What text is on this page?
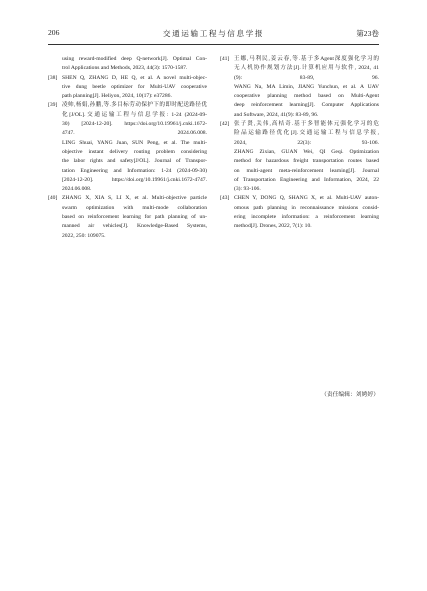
206	交通运输工程与信息学报	第23卷
using reward-modified deep Q-network[J]. Optimal Con-
trol Applications and Methods, 2023, 44(3): 1570-1587.
[38] SHEN Q, ZHANG D, HE Q, et al. A novel multi-objec-
tive dung beetle optimizer for Multi-UAV cooperative
path planning[J]. Heliyon, 2024, 10(17): e37286.
[39] 凌帅,杨娟,孙鹏,等.多目标劳动保护下的即时配送路径优
化[J/OL].交通运输工程与信息学报: 1-24 (2024-09-
30) [2024-12-20]. https://doi.org/10.19961/j.cnki.1672-
4747. 2024.06.008.
LING Shuai, YANG Juan, SUN Peng, et al. The multi-
objective instant delivery routing problem considering
the labor rights and safety[J/OL]. Journal of Transpor-
tation Engineering and Information: 1-24 (2024-09-30)
[2024-12-20]. https://doi.org/10.19961/j.cnki.1672-4747.
2024.06.008.
[40] ZHANG X, XIA S, LI X, et al. Multi-objective particle
swarm optimization with multi-mode collaboration
based on reinforcement learning for path planning of un-
manned air vehicles[J]. Knowledge-Based Systems,
2022, 250: 109075.
[41] 王娜,马利民,姜云春,等.基于多Agent深度强化学习的
无人机协作规划方法[J].计算机应用与软件, 2024, 41
(9): 83-89, 96.
WANG Na, MA Limin, JIANG Yunchun, et al. A UAV
cooperative planning method based on Multi-Agent
deep reinforcement learning[J]. Computer Applications
and Software, 2024, 41(9): 83-89, 96.
[42] 张子贤,关伟,高桔奇.基于多智能体元强化学习的危
险品运输路径优化[J].交通运输工程与信息学报,
2024, 22(3): 93-106.
ZHANG Zixian, GUAN Wei, QI Geqi. Optimization
method for hazardous freight transportation routes based
on multi-agent meta-reinforcement learning[J]. Journal
of Transportation Engineering and Information, 2024, 22
(3): 93-106.
[43] CHEN Y, DONG Q, SHANG X, et al. Multi-UAV auton-
omous path planning in reconnaissance missions consid-
ering incomplete information: a reinforcement learning
method[J]. Drones, 2022, 7(1): 10.
（责任编辑：刘娉婷）
